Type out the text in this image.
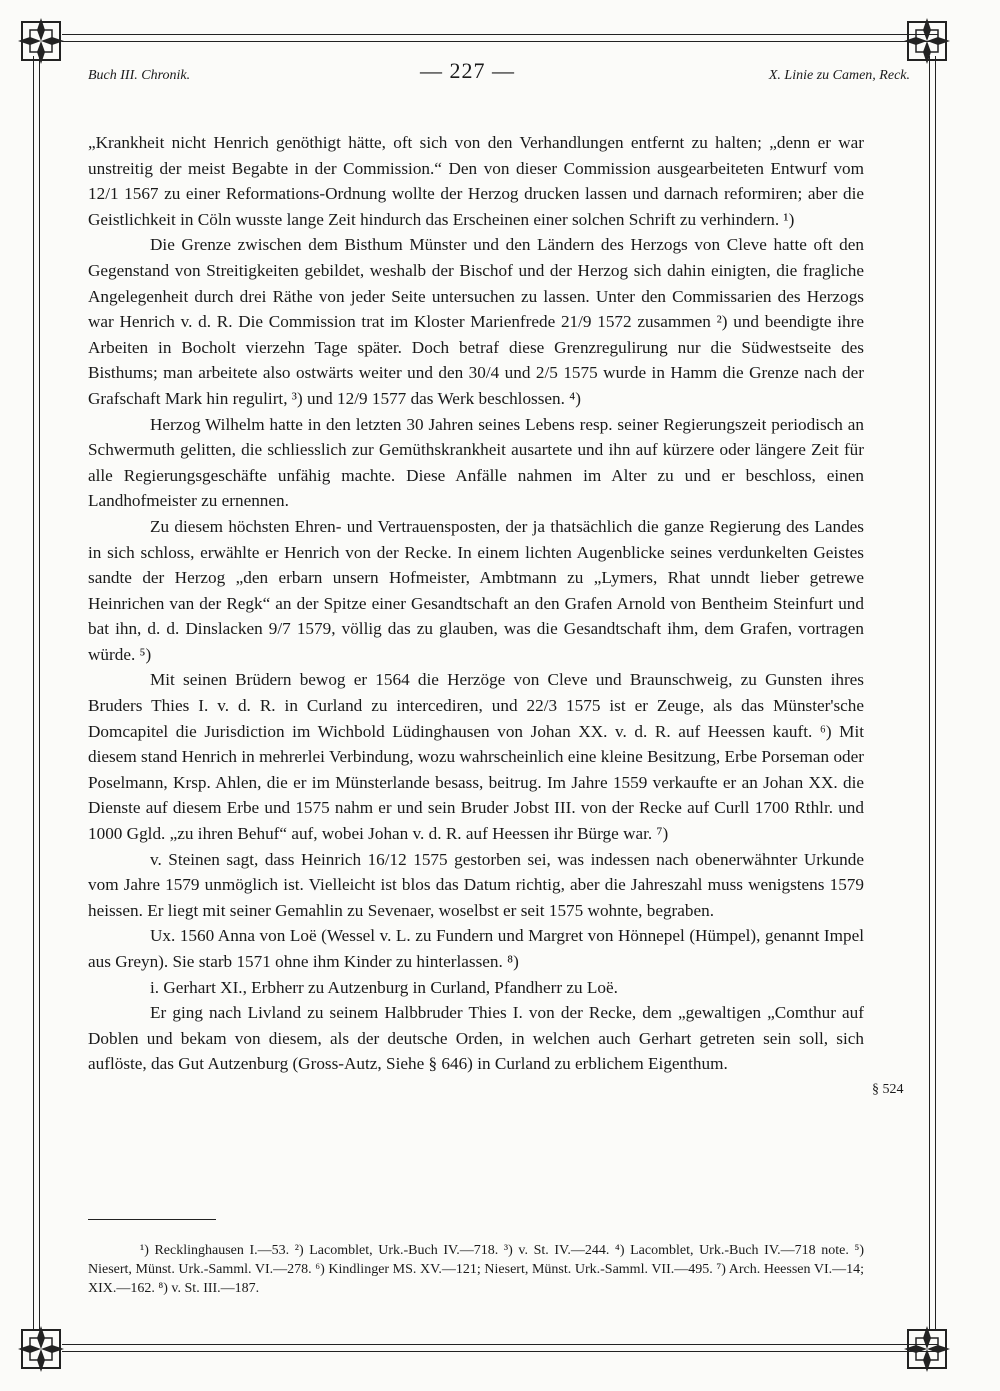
Buch III. Chronik.	— 227 —	X. Linie zu Camen, Reck.

„Krankheit nicht Henrich genöthigt hätte, oft sich von den Verhandlungen entfernt zu halten; „denn er war unstreitig der meist Begabte in der Commission.“ Den von dieser Commission ausgearbeiteten Entwurf vom 12/1 1567 zu einer Reformations-Ordnung wollte der Herzog drucken lassen und darnach reformiren; aber die Geistlichkeit in Cöln wusste lange Zeit hindurch das Erscheinen einer solchen Schrift zu verhindern. ¹)

Die Grenze zwischen dem Bisthum Münster und den Ländern des Herzogs von Cleve hatte oft den Gegenstand von Streitigkeiten gebildet, weshalb der Bischof und der Herzog sich dahin einigten, die fragliche Angelegenheit durch drei Räthe von jeder Seite untersuchen zu lassen. Unter den Commissarien des Herzogs war Henrich v. d. R. Die Commission trat im Kloster Marienfrede 21/9 1572 zusammen ²) und beendigte ihre Arbeiten in Bocholt vierzehn Tage später. Doch betraf diese Grenzregulirung nur die Südwestseite des Bisthums; man arbeitete also ostwärts weiter und den 30/4 und 2/5 1575 wurde in Hamm die Grenze nach der Grafschaft Mark hin regulirt, ³) und 12/9 1577 das Werk beschlossen. ⁴)

Herzog Wilhelm hatte in den letzten 30 Jahren seines Lebens resp. seiner Regierungszeit periodisch an Schwermuth gelitten, die schliesslich zur Gemüthskrankheit ausartete und ihn auf kürzere oder längere Zeit für alle Regierungsgeschäfte unfähig machte. Diese Anfälle nahmen im Alter zu und er beschloss, einen Landhofmeister zu ernennen.

Zu diesem höchsten Ehren- und Vertrauensposten, der ja thatsächlich die ganze Regierung des Landes in sich schloss, erwählte er Henrich von der Recke. In einem lichten Augenblicke seines verdunkelten Geistes sandte der Herzog „den erbarn unsern Hofmeister, Ambtmann zu „Lymers, Rhat unndt lieber getrewe Heinrichen van der Regk“ an der Spitze einer Gesandtschaft an den Grafen Arnold von Bentheim Steinfurt und bat ihn, d. d. Dinslacken 9/7 1579, völlig das zu glauben, was die Gesandtschaft ihm, dem Grafen, vortragen würde. ⁵)

Mit seinen Brüdern bewog er 1564 die Herzöge von Cleve und Braunschweig, zu Gunsten ihres Bruders Thies I. v. d. R. in Curland zu intercediren, und 22/3 1575 ist er Zeuge, als das Münster'sche Domcapitel die Jurisdiction im Wichbold Lüdinghausen von Johan XX. v. d. R. auf Heessen kauft. ⁶) Mit diesem stand Henrich in mehrerlei Verbindung, wozu wahrscheinlich eine kleine Besitzung, Erbe Porseman oder Poselmann, Krsp. Ahlen, die er im Münsterlande besass, beitrug. Im Jahre 1559 verkaufte er an Johan XX. die Dienste auf diesem Erbe und 1575 nahm er und sein Bruder Jobst III. von der Recke auf Curll 1700 Rthlr. und 1000 Ggld. „zu ihren Behuf“ auf, wobei Johan v. d. R. auf Heessen ihr Bürge war. ⁷)

v. Steinen sagt, dass Heinrich 16/12 1575 gestorben sei, was indessen nach obenerwähnter Urkunde vom Jahre 1579 unmöglich ist. Vielleicht ist blos das Datum richtig, aber die Jahreszahl muss wenigstens 1579 heissen. Er liegt mit seiner Gemahlin zu Sevenaer, woselbst er seit 1575 wohnte, begraben.

Ux. 1560 Anna von Loë (Wessel v. L. zu Fundern und Margret von Hönnepel (Hümpel), genannt Impel aus Greyn). Sie starb 1571 ohne ihm Kinder zu hinterlassen. ⁸)

i. Gerhart XI., Erbherr zu Autzenburg in Curland, Pfandherr zu Loë.

Er ging nach Livland zu seinem Halbbruder Thies I. von der Recke, dem „gewaltigen „Comthur auf Doblen und bekam von diesem, als der deutsche Orden, in welchen auch Gerhart getreten sein soll, sich auflöste, das Gut Autzenburg (Gross-Autz, Siehe § 646) in Curland zu erblichem Eigenthum.

§ 524
¹) Recklinghausen I.—53. ²) Lacomblet, Urk.-Buch IV.—718. ³) v. St. IV.—244. ⁴) Lacomblet, Urk.-Buch IV.—718 note. ⁵) Niesert, Münst. Urk.-Samml. VI.—278. ⁶) Kindlinger MS. XV.—121; Niesert, Münst. Urk.-Samml. VII.—495. ⁷) Arch. Heessen VI.—14; XIX.—162. ⁸) v. St. III.—187.
